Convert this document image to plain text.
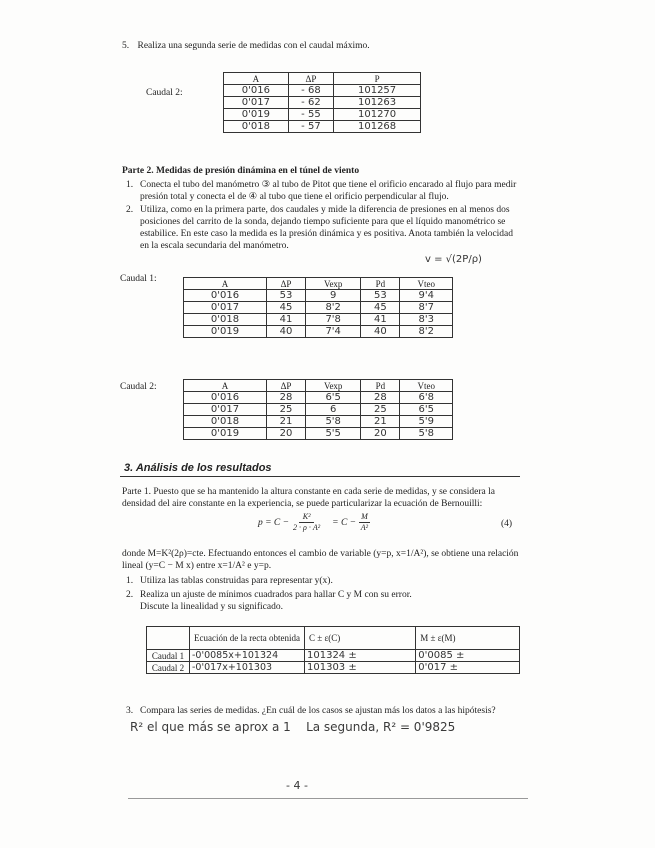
5. Realiza una segunda serie de medidas con el caudal máximo.
Caudal 2:
A	ΔP	P
0'016	- 68	101257
0'017	- 62	101263
0'019	- 55	101270
0'018	- 57	101268
Parte 2. Medidas de presión dinámina en el túnel de viento
1. Conecta el tubo del manómetro ③ al tubo de Pitot que tiene el orificio encarado al flujo para medir presión total y conecta el de ④ al tubo que tiene el orificio perpendicular al flujo.
2. Utiliza, como en la primera parte, dos caudales y mide la diferencia de presiones en al menos dos posiciones del carrito de la sonda, dejando tiempo suficiente para que el líquido manométrico se estabilice. En este caso la medida es la presión dinámica y es positiva. Anota también la velocidad en la escala secundaria del manómetro.
v = √(2P/ρ)
Caudal 1:	A	ΔP	Vexp	Pd	Vteo
0'016	53	9	53	9'4
0'017	45	8'2	45	8'7
0'018	41	7'8	41	8'3
0'019	40	7'4	40	8'2
Caudal 2:	A	ΔP	Vexp	Pd	Vteo
0'016	28	6'5	28	6'8
0'017	25	6	25	6'5
0'018	21	5'8	21	5'9
0'019	20	5'5	20	5'8
3. Análisis de los resultados
Parte 1. Puesto que se ha mantenido la altura constante en cada serie de medidas, y se considera la densidad del aire constante en la experiencia, se puede particularizar la ecuación de Bernouilli:
$p = C - \frac{\text{K²}}{\text{2 · ρ · A²}} = C - \frac{M}{\text{A²}}$	(4)
donde M=K²(2ρ)=cte. Efectuando entonces el cambio de variable (y=p, x=1/A²), se obtiene una relación lineal (y=C − M x) entre x=1/A² e y=p.
1. Utiliza las tablas construidas para representar y(x).
2. Realiza un ajuste de mínimos cuadrados para hallar C y M con su error. Discute la linealidad y su significado.
	Ecuación de la recta obtenida	C ± ε(C)	M ± ε(M)
Caudal 1	-0'0085x+101324	101324 ±	0'0085 ±
Caudal 2	-0'017x+101303	101303 ±	0'017 ±
3. Compara las series de medidas. ¿En cuál de los casos se ajustan más los datos a las hipótesis?
R² el que más se aprox a 1    La segunda, R² = 0'9825
- 4 -
